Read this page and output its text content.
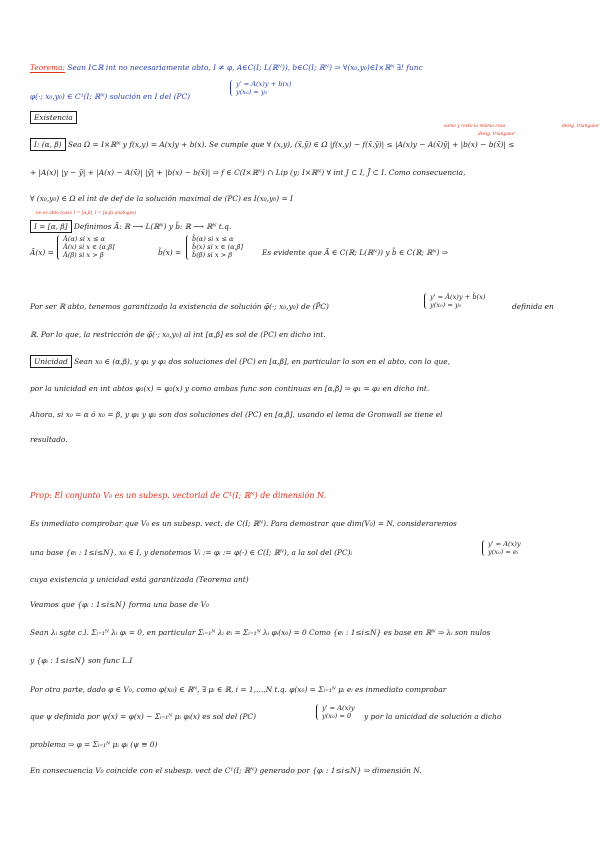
Teorema: Sean I⊂ℝ int no necesariamente abto, I ≠ φ, A∈C(I; L(ℝᴺ)), b∈C(I; ℝᴺ) ⇒ ∀(x₀,y₀)∈I×ℝᴺ ∃! func
φ(·; x₀,y₀) ∈ C¹(I; ℝᴺ) solución en I del (PC)
y' = A(x)y + b(x)
y(x₀) = y₀
Existencia
sumo y resto la misma cosa
desig. triangular
desig. triangular
I: (α, β) Sea Ω = I×ℝᴺ y f(x,y) = A(x)y + b(x). Se cumple que ∀ (x,y), (x̃,ỹ) ∈ Ω |f(x,y) − f(x̃,ỹ)| ≤ |A(x)y − A(x̃)ỹ| + |b(x) − b(x̃)| ≤
+ |A(x)| |y − ỹ| + |A(x) − A(x̃)| |ỹ| + |b(x) − b(x̃)| ⇒ f ∈ C(I×ℝᴺ) ∩ Lip (y; I×ℝᴺ) ∀ int J ⊂ I, J̄ ⊂ I. Como consecuencia,
∀ (x₀,y₀) ∈ Ω el int de def de la solución maximal de (PC) es I(x₀,y₀) = I
no es abto (caso I = [α,β], I = [α,β) análogos)
I = [α, β] Definimos Ã: ℝ ⟶ L(ℝᴺ) y b̃: ℝ ⟶ ℝᴺ t.q.
Ã(x) =
Ã(α) si x ≤ α
Ã(x) si x ∈ (α,β]
Ã(β) si x > β	b̃(x) =
b̃(α) si x ≤ α
b̃(x) si x ∈ (α,β]
b̃(β) si x > β	Es evidente que Ã ∈ C(ℝ; L(ℝᴺ)) y b̃ ∈ C(ℝ; ℝᴺ) ⇒
Por ser ℝ abto, tenemos garantizada la existencia de solución φ̃(·; x₀,y₀) de (P̃C)
y' = Ã(x)y + b̃(x)
y(x₀) = y₀	definida en
ℝ. Por lo que, la restricción de φ̃(·; x₀,y₀) al int [α,β] es sol de (PC) en dicho int.
Unicidad Sean x₀ ∈ (α,β), y φ₁ y φ₂ dos soluciones del (PC) en [α,β], en particular lo son en el abto, con lo que,
por la unicidad en int abtos φ₁(x) = φ₂(x) y como ambas func son continuas en [α,β] ⇒ φ₁ = φ₂ en dicho int.
Ahora, si x₀ = α ó x₀ = β, y φ₁ y φ₂ son dos soluciones del (PC) en [α,β], usando el lema de Gronwall se tiene el
resultado.
Prop: El conjunto V₀ es un subesp. vectorial de C¹(I; ℝᴺ) de dimensión N.
Es inmediato comprobar que V₀ es un subesp. vect. de C(I; ℝᴺ). Para demostrar que dim(V₀) = N, consideraremos
una base {eᵢ : 1≤i≤N}, x₀ ∈ I, y denotemos Vᵢ := φᵢ := φ(·) ∈ C(I; ℝᴺ), a la sol del (PC)ᵢ
y' = A(x)y
y(x₀) = eᵢ
cuya existencia y unicidad está garantizada (Teorema ant)
Veamos que {φᵢ : 1≤i≤N} forma una base de V₀
Sean λᵢ sgte c.l. Σᵢ₌₁ᴺ λᵢ φᵢ = 0, en particular Σᵢ₌₁ᴺ λᵢ eᵢ = Σᵢ₌₁ᴺ λᵢ φᵢ(x₀) = 0 Como {eᵢ : 1≤i≤N} es base en ℝᴺ ⇒ λᵢ son nulos
y {φᵢ : 1≤i≤N} son func L.I
Por otra parte, dado φ ∈ V₀, como φ(x₀) ∈ ℝᴺ, ∃ μᵢ ∈ ℝ, i = 1,…,N t.q. φ(x₀) = Σᵢ₌₁ᴺ μᵢ eᵢ es inmediato comprobar
que ψ definida por ψ(x) = φ(x) − Σᵢ₌₁ᴺ μᵢ φᵢ(x) es sol del (PC)
y' = A(x)y
y(x₀) = 0	y por la unicidad de solución a dicho
problema ⇒ φ = Σᵢ₌₁ᴺ μᵢ φᵢ (ψ ≡ 0)
En consecuencia V₀ coincide con el subesp. vect de C¹(I; ℝᴺ) generado por {φᵢ : 1≤i≤N} ⇒ dimensión N.
